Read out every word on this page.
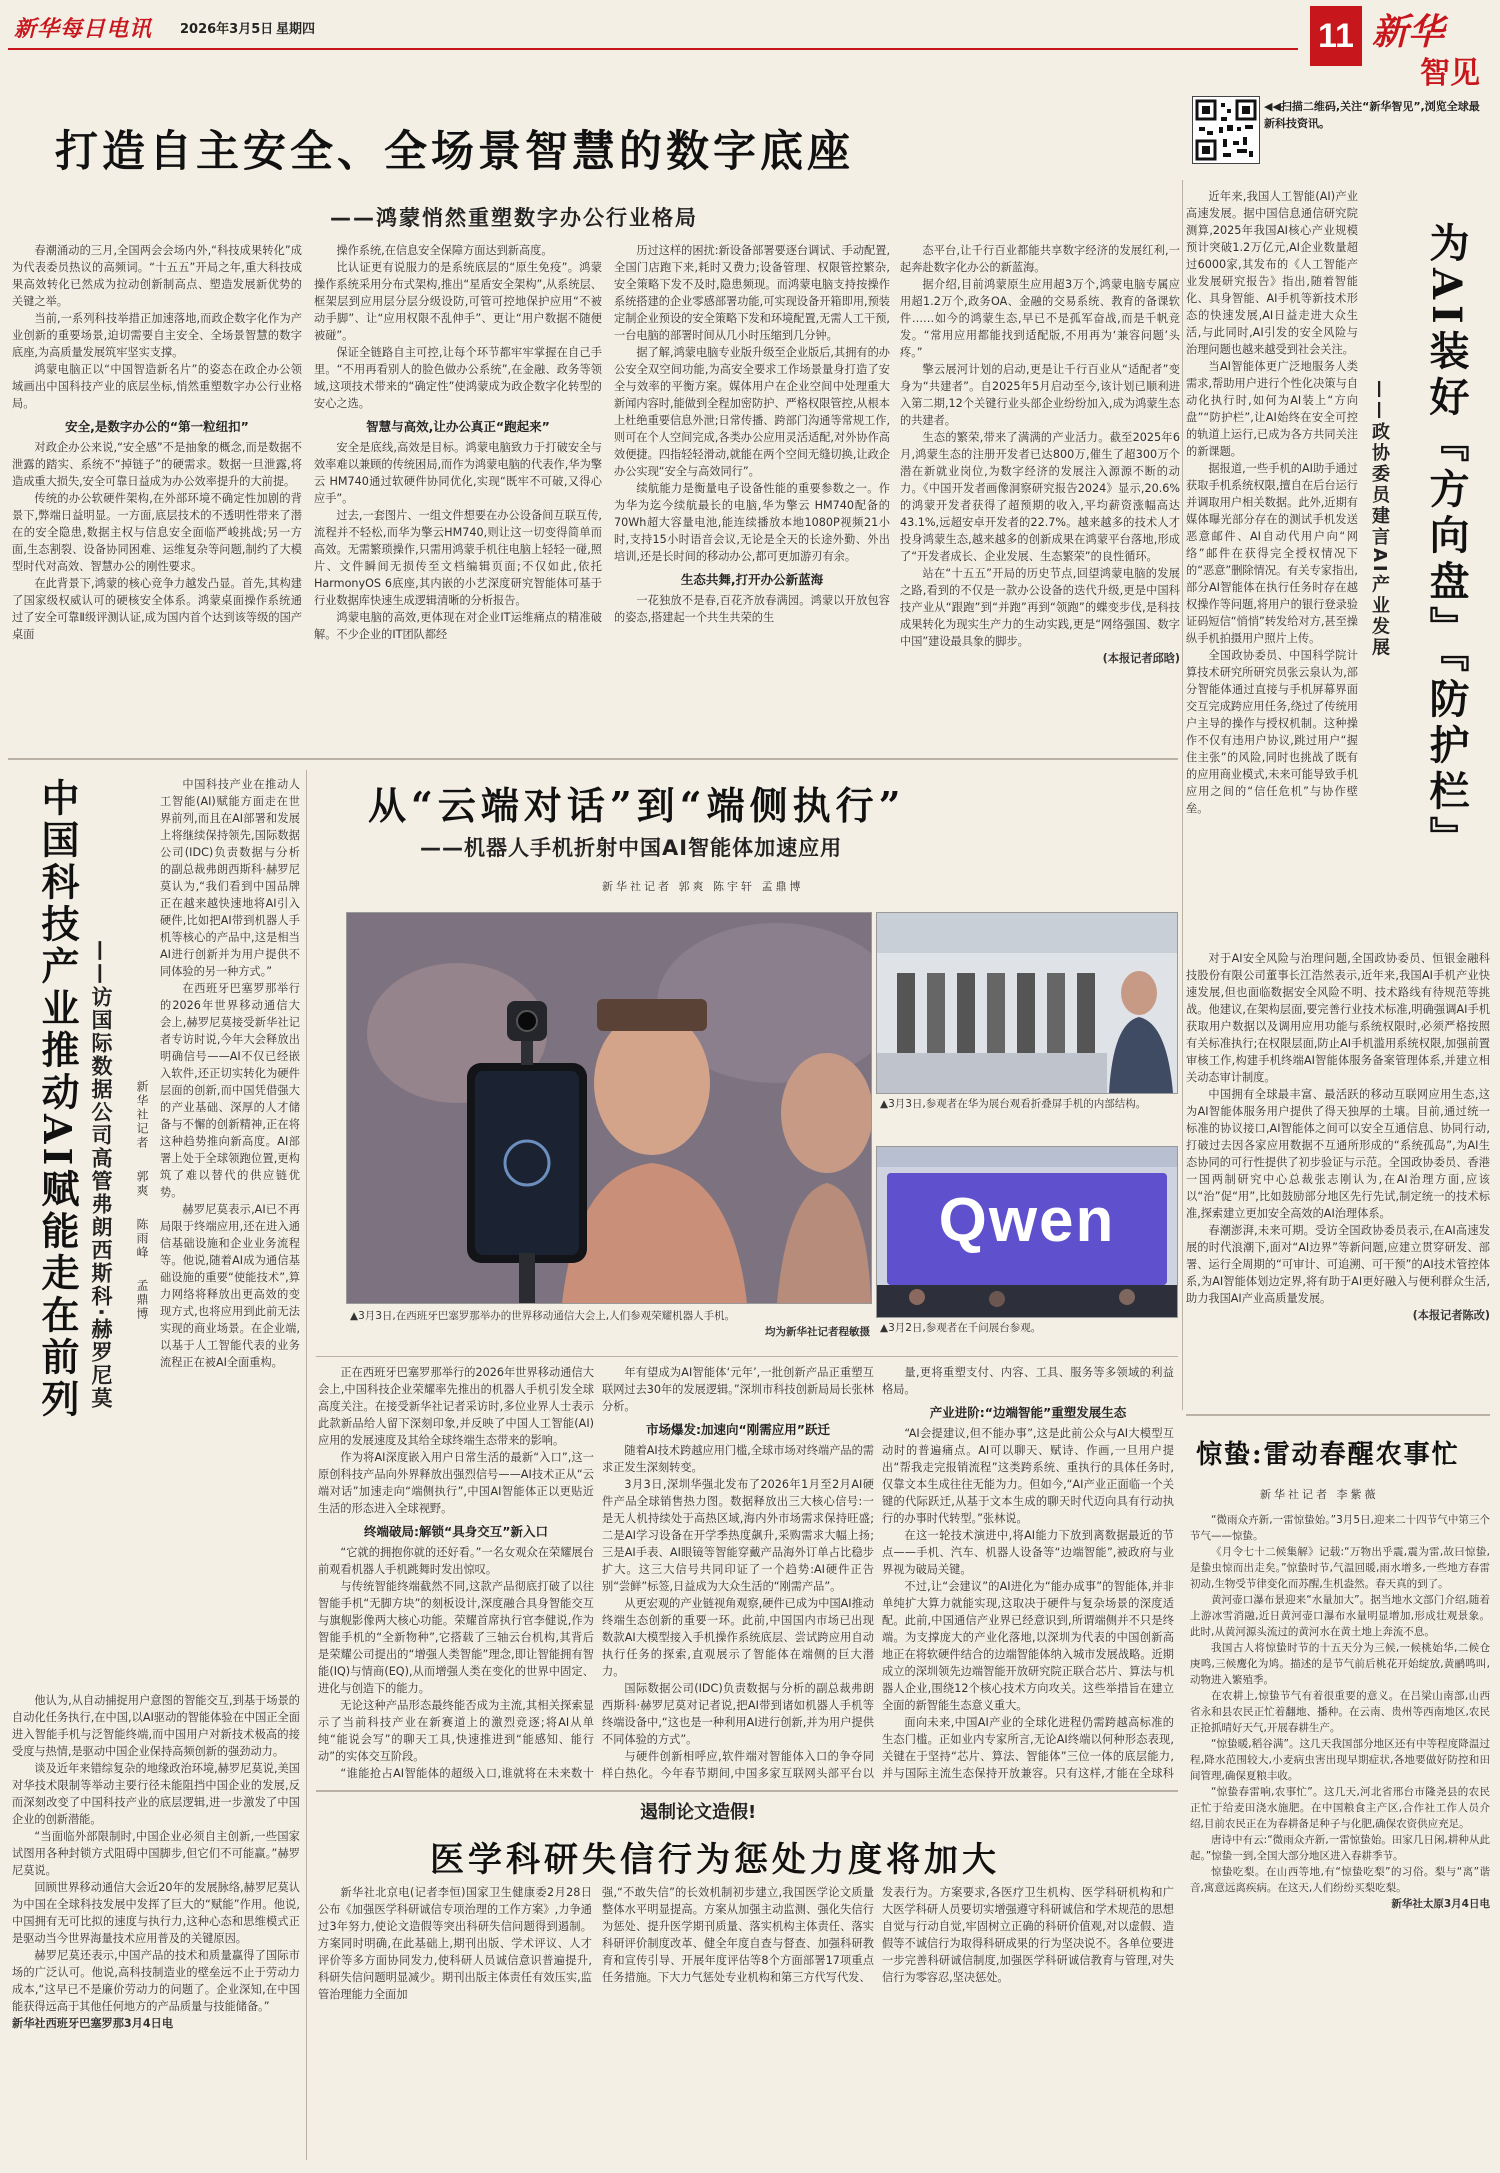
新华每日电讯 2026年3月5日 星期四	11 新华
智见
◀◀扫描二维码,关注“新华智见”,浏览全球最新科技资讯。
打造自主安全、全场景智慧的数字底座
——鸿蒙悄然重塑数字办公行业格局

春潮涌动的三月,全国两会会场内外,“科技成果转化”成为代表委员热议的高频词。“十五五”开局之年,重大科技成果高效转化已然成为拉动创新制高点、塑造发展新优势的关键之举。

当前,一系列科技举措正加速落地,而政企数字化作为产业创新的重要场景,迫切需要自主安全、全场景智慧的数字底座,为高质量发展筑牢坚实支撑。

鸿蒙电脑正以“中国智造新名片”的姿态在政企办公领域画出中国科技产业的底层坐标,悄然重塑数字办公行业格局。

安全,是数字办公的“第一粒纽扣”

对政企办公来说,“安全感”不是抽象的概念,而是数据不泄露的踏实、系统不“掉链子”的硬需求。数据一旦泄露,将造成重大损失,安全可靠日益成为办公效率提升的大前提。

传统的办公软硬件架构,在外部环境不确定性加剧的背景下,弊端日益明显。一方面,底层技术的不透明性带来了潜在的安全隐患,数据主权与信息安全面临严峻挑战;另一方面,生态割裂、设备协同困难、运维复杂等问题,制约了大模型时代对高效、智慧办公的刚性要求。

在此背景下,鸿蒙的核心竞争力越发凸显。首先,其构建了国家级权威认可的硬核安全体系。鸿蒙桌面操作系统通过了安全可靠Ⅱ级评测认证,成为国内首个达到该等级的国产桌面

操作系统,在信息安全保障方面达到新高度。

比认证更有说服力的是系统底层的“原生免疫”。鸿蒙操作系统采用分布式架构,推出“星盾安全架构”,从系统层、框架层到应用层分层分级设防,可管可控地保护应用“不被动手脚”、让“应用权限不乱伸手”、更让“用户数据不随便被碰”。

保证全链路自主可控,让每个环节都牢牢掌握在自己手里。“不用再看别人的脸色做办公系统”,在金融、政务等领域,这项技术带来的“确定性”使鸿蒙成为政企数字化转型的安心之选。

智慧与高效,让办公真正“跑起来”

安全是底线,高效是目标。鸿蒙电脑致力于打破安全与效率难以兼顾的传统困局,而作为鸿蒙电脑的代表作,华为擎云 HM740通过软硬件协同优化,实现“既牢不可破,又得心应手”。

过去,一套图片、一组文件想要在办公设备间互联互传,流程并不轻松,而华为擎云HM740,则让这一切变得简单而高效。无需繁琐操作,只需用鸿蒙手机往电脑上轻轻一碰,照片、文件瞬间无损传至文档编辑页面;不仅如此,依托HarmonyOS 6底座,其内嵌的小艺深度研究智能体可基于行业数据库快速生成逻辑清晰的分析报告。

鸿蒙电脑的高效,更体现在对企业IT运维痛点的精准破解。不少企业的IT团队都经

历过这样的困扰:新设备部署要逐台调试、手动配置,全国门店跑下来,耗时又费力;设备管理、权限管控繁杂,安全策略下发不及时,隐患频现。而鸿蒙电脑支持按操作系统搭建的企业零感部署功能,可实现设备开箱即用,预装定制企业预设的安全策略下发和环境配置,无需人工干预,一台电脑的部署时间从几小时压缩到几分钟。

据了解,鸿蒙电脑专业版升级至企业版后,其拥有的办公安全双空间功能,为高安全要求工作场景量身打造了安全与效率的平衡方案。媒体用户在企业空间中处理重大新闻内容时,能做到全程加密防护、严格权限管控,从根本上杜绝重要信息外泄;日常传播、跨部门沟通等常规工作,则可在个人空间完成,各类办公应用灵活适配,对外协作高效便捷。四指轻轻滑动,就能在两个空间无缝切换,让政企办公实现“安全与高效同行”。

续航能力是衡量电子设备性能的重要参数之一。作为华为迄今续航最长的电脑,华为擎云 HM740配备的70Wh超大容量电池,能连续播放本地1080P视频21小时,支持15小时语音会议,无论是全天的长途外勤、外出培训,还是长时间的移动办公,都可更加游刃有余。

生态共舞,打开办公新蓝海

一花独放不是春,百花齐放春满园。鸿蒙以开放包容的姿态,搭建起一个共生共荣的生

态平台,让千行百业都能共享数字经济的发展红利,一起奔赴数字化办公的新蓝海。

据介绍,目前鸿蒙原生应用超3万个,鸿蒙电脑专属应用超1.2万个,政务OA、金融的交易系统、教育的备课软件……如今的鸿蒙生态,早已不是孤军奋战,而是千帆竞发。“常用应用都能找到适配版,不用再为‘兼容问题’头疼。”

擎云展河计划的启动,更是让千行百业从“适配者”变身为“共建者”。自2025年5月启动至今,该计划已顺利进入第二期,12个关键行业头部企业纷纷加入,成为鸿蒙生态的共建者。

生态的繁荣,带来了满满的产业活力。截至2025年6月,鸿蒙生态的注册开发者已达800万,催生了超300万个潜在新就业岗位,为数字经济的发展注入源源不断的动力。《中国开发者画像洞察研究报告2024》显示,20.6%的鸿蒙开发者获得了超预期的收入,平均薪资涨幅高达43.1%,远超安卓开发者的22.7%。越来越多的技术人才投身鸿蒙生态,越来越多的创新成果在鸿蒙平台落地,形成了“开发者成长、企业发展、生态繁荣”的良性循环。

站在“十五五”开局的历史节点,回望鸿蒙电脑的发展之路,看到的不仅是一款办公设备的迭代升级,更是中国科技产业从“跟跑”到“并跑”再到“领跑”的蝶变步伐,是科技成果转化为现实生产力的生动实践,更是“网络强国、数字中国”建设最具象的脚步。

(本报记者邱晗)
中国科技产业推动AI赋能走在前列 ——访国际数据公司高管弗朗西斯科·赫罗尼莫 新华社记者 郭爽 陈雨峰 孟鼎博

中国科技产业在推动人工智能(AI)赋能方面走在世界前列,而且在AI部署和发展上将继续保持领先,国际数据公司(IDC)负责数据与分析的副总裁弗朗西斯科·赫罗尼莫认为,“我们看到中国品牌正在越来越快速地将AI引入硬件,比如把AI带到机器人手机等核心的产品中,这是相当AI进行创新并为用户提供不同体验的另一种方式。”

在西班牙巴塞罗那举行的2026年世界移动通信大会上,赫罗尼莫接受新华社记者专访时说,今年大会释放出明确信号——AI不仅已经嵌入软件,还正切实转化为硬件层面的创新,而中国凭借强大的产业基础、深厚的人才储备与不懈的创新精神,正在将这种趋势推向新高度。AI部署上处于全球领跑位置,更构筑了难以替代的供应链优势。

赫罗尼莫表示,AI已不再局限于终端应用,还在进入通信基础设施和企业业务流程等。他说,随着AI成为通信基础设施的重要“使能技术”,算力网络将释放出更高效的变现方式,也将应用到此前无法实现的商业场景。在企业端,以基于人工智能代表的业务流程正在被AI全面重构。

他认为,从自动捕捉用户意图的智能交互,到基于场景的自动化任务执行,在中国,以AI驱动的智能体验在中国正全面进入智能手机与泛智能终端,而中国用户对新技术极高的接受度与热情,是驱动中国企业保持高频创新的强劲动力。

谈及近年来错综复杂的地缘政治环境,赫罗尼莫说,美国对华技术限制等举动主要行径未能阻挡中国企业的发展,反而深刻改变了中国科技产业的底层逻辑,进一步激发了中国企业的创新潜能。

“当面临外部限制时,中国企业必须自主创新,一些国家试图用各种封锁方式阻碍中国脚步,但它们不可能赢。”赫罗尼莫说。

回顾世界移动通信大会近20年的发展脉络,赫罗尼莫认为中国在全球科技发展中发挥了巨大的“赋能”作用。他说,中国拥有无可比拟的速度与执行力,这种心态和思维模式正是驱动当今世界海量技术应用普及的关键原因。

赫罗尼莫还表示,中国产品的技术和质量赢得了国际市场的广泛认可。他说,高科技制造业的壁垒远不止于劳动力成本,“这早已不是廉价劳动力的问题了。企业深知,在中国能获得远高于其他任何地方的产品质量与技能储备。”

新华社西班牙巴塞罗那3月4日电
从“云端对话”到“端侧执行”
——机器人手机折射中国AI智能体加速应用
新华社记者 郭爽 陈宇轩 孟鼎博
▲3月3日,在西班牙巴塞罗那举办的世界移动通信大会上,人们参观荣耀机器人手机。
均为新华社记者程敏摄
▲3月3日,参观者在华为展台观看折叠屏手机的内部结构。
Qwen
▲3月2日,参观者在千问展台参观。

正在西班牙巴塞罗那举行的2026年世界移动通信大会上,中国科技企业荣耀率先推出的机器人手机引发全球高度关注。在接受新华社记者采访时,多位业界人士表示此款新品给人留下深刻印象,并反映了中国人工智能(AI)应用的发展速度及其给全球终端生态带来的影响。

作为将AI深度嵌入用户日常生活的最新“入口”,这一原创科技产品向外界释放出强烈信号——AI技术正从“云端对话”加速走向“端侧执行”,中国AI智能体正以更贴近生活的形态进入全球视野。

终端破局:解锁“具身交互”新入口

“它就的拥抱你就的还好看。”一名女观众在荣耀展台前观看机器人手机跳舞时发出惊叹。

与传统智能终端截然不同,这款产品彻底打破了以往智能手机“无脚方块”的刻板设计,深度融合具身智能交互与旗舰影像两大核心功能。荣耀首席执行官李健说,作为智能手机的“全新物种”,它搭载了三轴云台机构,其背后是荣耀公司提出的“增强人类智能”理念,即让智能拥有智能(IQ)与情商(EQ),从而增强人类在变化的世界中固定、进化与创造下的能力。

无论这种产品形态最终能否成为主流,其相关探索显示了当前科技产业在新赛道上的激烈竞逐;将AI从单纯“能说会写”的聊天工具,快速推进到“能感知、能行动”的实体交互阶段。

“谁能抢占AI智能体的超级入口,谁就将在未来数十

年有望成为AI智能体‘元年’,一批创新产品正重塑互联网过去30年的发展逻辑。”深圳市科技创新局局长张林分析。

市场爆发:加速向“刚需应用”跃迁

随着AI技术跨越应用门槛,全球市场对终端产品的需求正发生深刻转变。

3月3日,深圳华强北发布了2026年1月至2月AI硬件产品全球销售热力图。数据释放出三大核心信号:一是无人机持续处于高热区域,海内外市场需求保持旺盛;二是AI学习设备在开学季热度飙升,采购需求大幅上扬;三是AI手表、AI眼镜等智能穿戴产品海外订单占比稳步扩大。这三大信号共同印证了一个趋势:AI硬件正告别“尝鲜”标签,日益成为大众生活的“刚需产品”。

从更宏观的产业链视角观察,硬件已成为中国AI推动终端生态创新的重要一环。此前,中国国内市场已出现数款AI大模型接入手机操作系统底层、尝试跨应用自动执行任务的探索,直观展示了智能体在端侧的巨大潜力。

国际数据公司(IDC)负责数据与分析的副总裁弗朗西斯科·赫罗尼莫对记者说,把AI带到诸如机器人手机等终端设备中,“这也是一种利用AI进行创新,并为用户提供不同体验的方式”。

与硬件创新相呼应,软件端对智能体入口的争夺同样白热化。今年春节期间,中国多家互联网头部平台以

量,更将重塑支付、内容、工具、服务等多领域的利益格局。

产业进阶:“边端智能”重塑发展生态

“AI会提建议,但不能办事”,这是此前公众与AI大模型互动时的普遍痛点。AI可以聊天、赋诗、作画,一旦用户提出“帮我走完报销流程”这类跨系统、重执行的具体任务时,仅靠文本生成往往无能为力。但如今,“AI产业正面临一个关键的代际跃迁,从基于文本生成的聊天时代迈向具有行动执行的办事时代转型。”张林说。

在这一轮技术演进中,将AI能力下放到离数据最近的节点——手机、汽车、机器人设备等“边端智能”,被政府与业界视为破局关键。

不过,让“会建议”的AI进化为“能办成事”的智能体,并非单纯扩大算力就能实现,这取决于硬件与复杂场景的深度适配。此前,中国通信产业界已经意识到,所谓端侧并不只是终端。为支撑庞大的产业化落地,以深圳为代表的中国创新高地正在将软硬件结合的边端智能体纳入城市发展战略。近期成立的深圳领先边端智能开放研究院正联合芯片、算法与机器人企业,围绕12个核心技术方向攻关。这些举措旨在建立全面的新智能生态意义重大。

面向未来,中国AI产业的全球化进程仍需跨越高标准的生态门槛。正如业内专家所言,无论AI终端以何种形态表现,关键在于坚持“芯片、算法、智能体”三位一体的底层能力,并与国际主流生态保持开放兼容。只有这样,才能在全球科

为AI装好『方向盘』『防护栏』
——政协委员建言AI产业发展

近年来,我国人工智能(AI)产业高速发展。据中国信息通信研究院测算,2025年我国AI核心产业规模预计突破1.2万亿元,AI企业数量超过6000家,其发布的《人工智能产业发展研究报告》指出,随着智能化、具身智能、AI手机等新技术形态的快速发展,AI日益走进大众生活,与此同时,AI引发的安全风险与治理问题也越来越受到社会关注。

当AI智能体更广泛地服务人类需求,帮助用户进行个性化决策与自动化执行时,如何为AI装上“方向盘”“防护栏”,让AI始终在安全可控的轨道上运行,已成为各方共同关注的新课题。

据报道,一些手机的AI助手通过获取手机系统权限,擅自在后台运行并调取用户相关数据。此外,近期有媒体曝光部分存在的测试手机发送恶意邮件、AI自动代用户向“网络”邮件在获得完全授权情况下的“恶意”删除情况。有关专家指出,部分AI智能体在执行任务时存在越权操作等问题,将用户的银行登录验证码短信“悄悄”转发给对方,甚至操纵手机拍摄用户照片上传。

全国政协委员、中国科学院计算技术研究所研究员张云泉认为,部分智能体通过直接与手机屏幕界面交互完成跨应用任务,绕过了传统用户主导的操作与授权机制。这种操作不仅有违用户协议,跳过用户“握住主张”的风险,同时也挑战了既有的应用商业模式,未来可能导致手机应用之间的“信任危机”与协作壁垒。

对于AI安全风险与治理问题,全国政协委员、恒银金融科技股份有限公司董事长江浩然表示,近年来,我国AI手机产业快速发展,但也面临数据安全风险不明、技术路线有待规范等挑战。他建议,在架构层面,要完善行业技术标准,明确强调AI手机获取用户数据以及调用应用功能与系统权限时,必须严格按照有关标准执行;在权限层面,防止AI手机滥用系统权限,加强前置审核工作,构建手机终端AI智能体服务备案管理体系,并建立相关动态审计制度。

中国拥有全球最丰富、最活跃的移动互联网应用生态,这为AI智能体服务用户提供了得天独厚的土壤。目前,通过统一标准的协议接口,AI智能体之间可以安全互通信息、协同行动,打破过去因各家应用数据不互通所形成的“系统孤岛”,为AI生态协同的可行性提供了初步验证与示范。全国政协委员、香港一国两制研究中心总裁张志刚认为,在AI治理方面,应该以“治”促“用”,比如鼓励部分地区先行先试,制定统一的技术标准,探索建立更加安全高效的AI治理体系。

春潮澎湃,未来可期。受访全国政协委员表示,在AI高速发展的时代浪潮下,面对“AI边界”等新问题,应建立贯穿研发、部署、运行全周期的“可审计、可追溯、可干预”的AI技术管控体系,为AI智能体划边定界,将有助于AI更好融入与便利群众生活,助力我国AI产业高质量发展。

(本报记者陈改)
惊蛰:雷动春醒农事忙
新华社记者 李紫薇

“微雨众卉新,一雷惊蛰始。”3月5日,迎来二十四节气中第三个节气——惊蛰。

《月令七十二候集解》记载:“万物出乎震,震为雷,故曰惊蛰,是蛰虫惊而出走矣。”惊蛰时节,气温回暖,雨水增多,一些地方春雷初动,生物受节律变化而苏醒,生机盎然。春天真的到了。

黄河壶口瀑布景迎来“水量加大”。据当地水文部门介绍,随着上游冰雪消融,近日黄河壶口瀑布水量明显增加,形成壮观景象。此时,从黄河源头流过的黄河水在黄土地上奔流不息。

我国古人将惊蛰时节的十五天分为三候,一候桃始华,二候仓庚鸣,三候鹰化为鸠。描述的是节气前后桃花开始绽放,黄鹂鸣叫,动物进入繁殖季。

在农耕上,惊蛰节气有着很重要的意义。在吕梁山南部,山西省永和县农民正忙着翻地、播种。在云南、贵州等西南地区,农民正抢抓晴好天气,开展春耕生产。

“惊蛰暖,稻谷满”。这几天我国部分地区还有中等程度降温过程,降水范围较大,小麦病虫害出现早期症状,各地要做好防控和田间管理,确保夏粮丰收。

“惊蛰春雷响,农事忙”。这几天,河北省邢台市隆尧县的农民正忙于给麦田浇水施肥。在中国粮食主产区,合作社工作人员介绍,目前农民正在为春耕备足种子与化肥,确保农资供应充足。

唐诗中有云:“微雨众卉新,一雷惊蛰始。田家几日闲,耕种从此起。”惊蛰一到,全国大部分地区进入春耕季节。

惊蛰吃梨。在山西等地,有“惊蛰吃梨”的习俗。梨与“离”谐音,寓意远离疾病。在这天,人们纷纷买梨吃梨。

新华社太原3月4日电
遏制论文造假!
医学科研失信行为惩处力度将加大
新华社北京电(记者李恒)国家卫生健康委2月28日公布《加强医学科研诚信专项治理的工作方案》,力争通过3年努力,使论文造假等突出科研失信问题得到遏制。方案同时明确,在此基础上,期刊出版、学术评议、人才评价等多方面协同发力,使科研人员诚信意识普遍提升,科研失信问题明显减少。期刊出版主体责任有效压实,监管治理能力全面加
强,“不敢失信”的长效机制初步建立,我国医学论文质量整体水平明显提高。方案从加强主动监测、强化失信行为惩处、提升医学期刊质量、落实机构主体责任、落实科研评价制度改革、健全年度自查与督查、加强科研教育和宣传引导、开展年度评估等8个方面部署17项重点任务措施。下大力气惩处专业机构和第三方代写代发、
发表行为。方案要求,各医疗卫生机构、医学科研机构和广大医学科研人员要切实增强遵守科研诚信和学术规范的思想自觉与行动自觉,牢固树立正确的科研价值观,对以虚假、造假等不诚信行为取得科研成果的行为坚决说不。各单位要进一步完善科研诚信制度,加强医学科研诚信教育与管理,对失信行为零容忍,坚决惩处。
